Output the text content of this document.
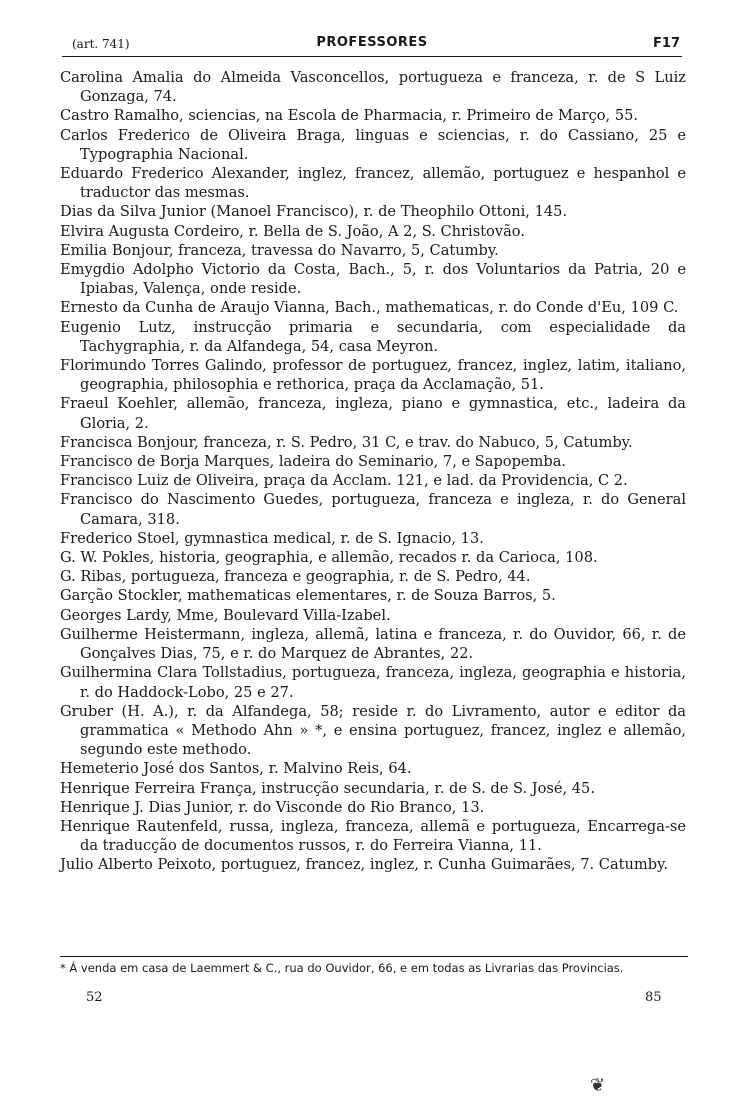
(art. 741)	PROFESSORES	F17

Carolina Amalia do Almeida Vasconcellos, portugueza e franceza, r. de S Luiz Gonzaga, 74.

Castro Ramalho, sciencias, na Escola de Pharmacia, r. Primeiro de Março, 55.

Carlos Frederico de Oliveira Braga, linguas e sciencias, r. do Cassiano, 25 e Typographia Nacional.

Eduardo Frederico Alexander, inglez, francez, allemão, portuguez e hespanhol e traductor das mesmas.

Dias da Silva Junior (Manoel Francisco), r. de Theophilo Ottoni, 145.

Elvira Augusta Cordeiro, r. Bella de S. João, A 2, S. Christovão.

Emilia Bonjour, franceza, travessa do Navarro, 5, Catumby.

Emygdio Adolpho Victorio da Costa, Bach., 5, r. dos Voluntarios da Patria, 20 e Ipiabas, Valença, onde reside.

Ernesto da Cunha de Araujo Vianna, Bach., mathematicas, r. do Conde d'Eu, 109 C.

Eugenio Lutz, instrucção primaria e secundaria, com especialidade da Tachygraphia, r. da Alfandega, 54, casa Meyron.

Florimundo Torres Galindo, professor de portuguez, francez, inglez, latim, italiano, geographia, philosophia e rethorica, praça da Acclamação, 51.

Fraeul Koehler, allemão, franceza, ingleza, piano e gymnastica, etc., ladeira da Gloria, 2.

Francisca Bonjour, franceza, r. S. Pedro, 31 C, e trav. do Nabuco, 5, Catumby.

Francisco de Borja Marques, ladeira do Seminario, 7, e Sapopemba.

Francisco Luiz de Oliveira, praça da Acclam. 121, e lad. da Providencia, C 2.

Francisco do Nascimento Guedes, portugueza, franceza e ingleza, r. do General Camara, 318.

Frederico Stoel, gymnastica medical, r. de S. Ignacio, 13.

G. W. Pokles, historia, geographia, e allemão, recados r. da Carioca, 108.

G. Ribas, portugueza, franceza e geographia, r. de S. Pedro, 44.

Garção Stockler, mathematicas elementares, r. de Souza Barros, 5.

Georges Lardy, Mme, Boulevard Villa-Izabel.

Guilherme Heistermann, ingleza, allemã, latina e franceza, r. do Ouvidor, 66, r. de Gonçalves Dias, 75, e r. do Marquez de Abrantes, 22.

Guilhermina Clara Tollstadius, portugueza, franceza, ingleza, geographia e historia, r. do Haddock-Lobo, 25 e 27.

Gruber (H. A.), r. da Alfandega, 58; reside r. do Livramento, autor e editor da grammatica « Methodo Ahn » *, e ensina portuguez, francez, inglez e allemão, segundo este methodo.

Hemeterio José dos Santos, r. Malvino Reis, 64.

Henrique Ferreira França, instrucção secundaria, r. de S. de S. José, 45.

Henrique J. Dias Junior, r. do Visconde do Rio Branco, 13.

Henrique Rautenfeld, russa, ingleza, franceza, allemã e portugueza, Encarrega-se da traducção de documentos russos, r. do Ferreira Vianna, 11.

Julio Alberto Peixoto, portuguez, francez, inglez, r. Cunha Guimarães, 7. Catumby.

* Á venda em casa de Laemmert & C., rua do Ouvidor, 66, e em todas as Livrarias das Provincias.
52	85
❦
